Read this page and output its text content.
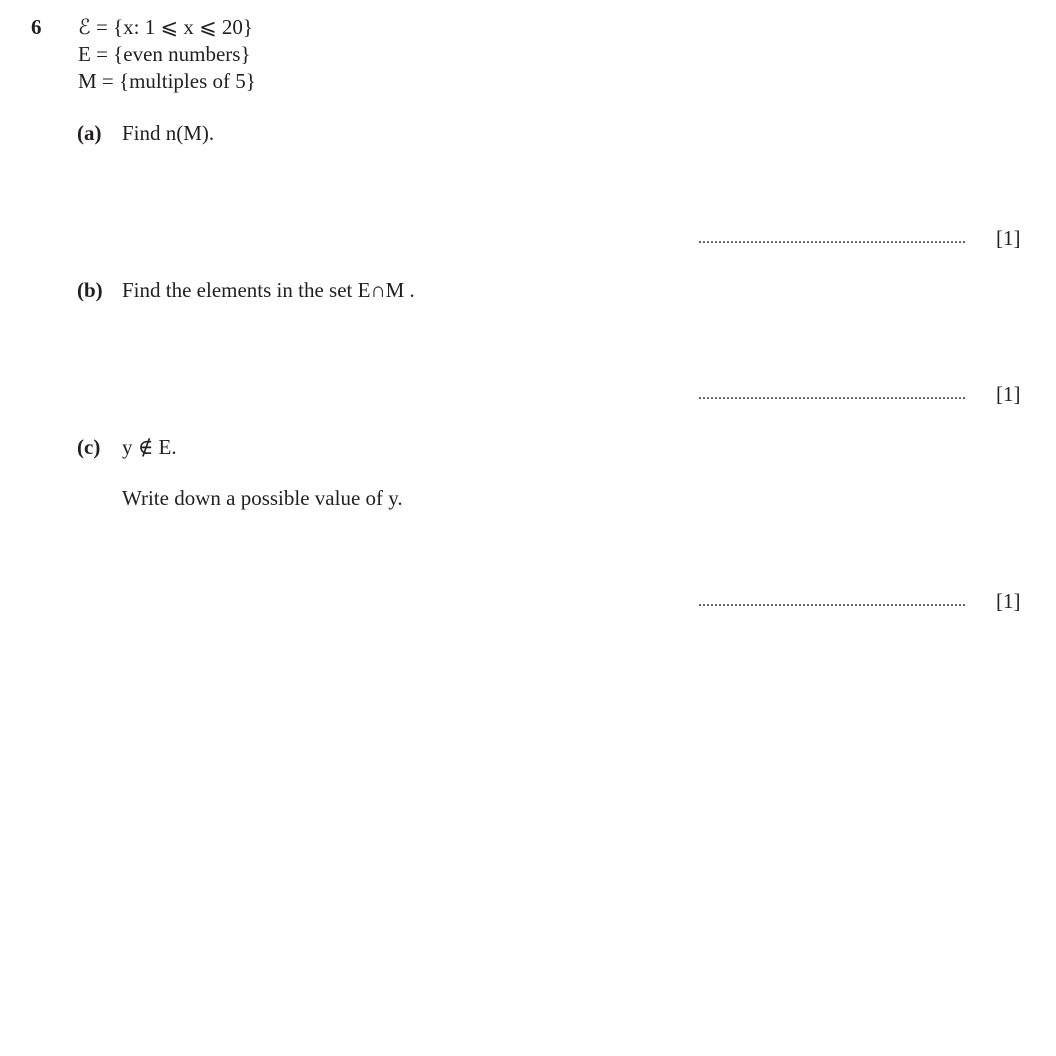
6 ℰ = {x: 1 ⩽ x ⩽ 20}
E = {even numbers}
M = {multiples of 5}
(a) Find n(M).
...................................................................	[1]
(b) Find the elements in the set E∩M .
...................................................................	[1]
(c) y ∉ E.
Write down a possible value of y.
...................................................................	[1]
